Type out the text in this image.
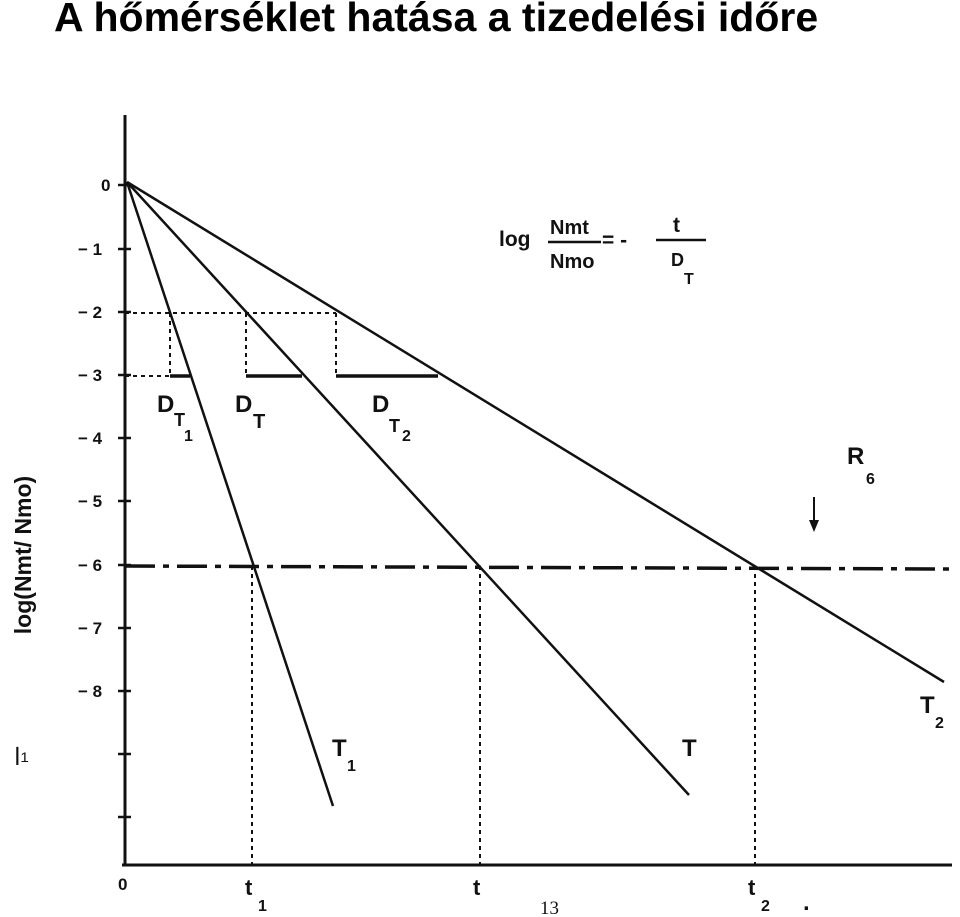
A hőmérséklet hatása a tizedelési időre
0
− 1
− 2
− 3
− 4
− 5
− 6
− 7
− 8
log(Nmt/ Nmo)
ꞁ₁
log Nmt
Nmo
= -
t
D
T
D
T
1
D
T
D
T
2
R
6
T
1
T
T
2
0	t
1
t	t
2 .
13
